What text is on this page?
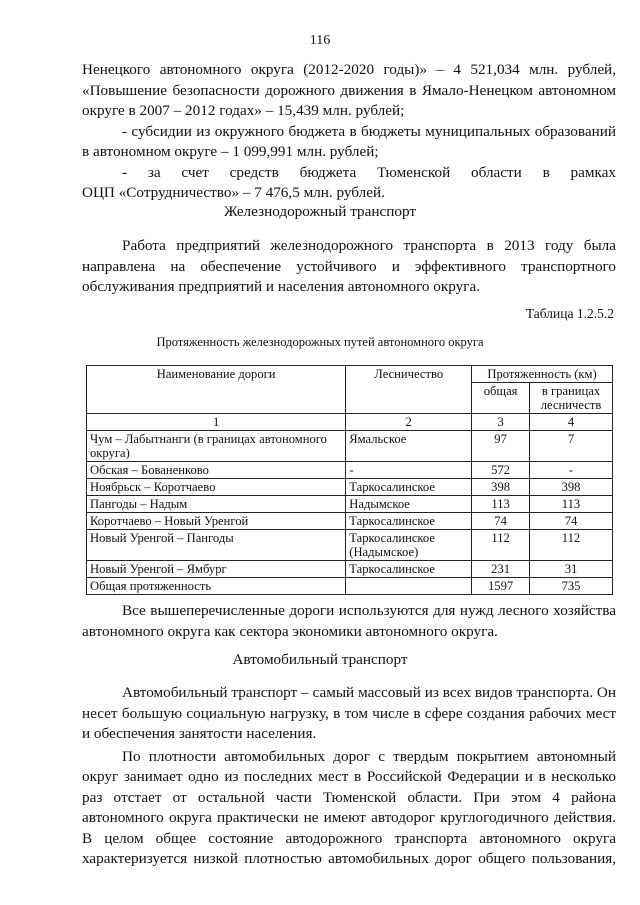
116

Ненецкого автономного округа (2012-2020 годы)» – 4 521,034 млн. рублей,

«Повышение безопасности дорожного движения в Ямало-Ненецком автономном

округе в 2007 – 2012 годах» – 15,439 млн. рублей;

- субсидии из окружного бюджета в бюджеты муниципальных образований

в автономном округе – 1 099,991 млн. рублей;

- за счет средств бюджета Тюменской области в рамках

ОЦП «Сотрудничество» – 7 476,5 млн. рублей.

Железнодорожный транспорт

Работа предприятий железнодорожного транспорта в 2013 году была направлена на обеспечение устойчивого и эффективного транспортного обслуживания предприятий и населения автономного округа.

Таблица 1.2.5.2
Протяженность железнодорожных путей автономного округа
Наименование дороги	Лесничество	Протяженность (км)	
		общая	в границах лесничеств
1	2	3	4
Чум – Лабытнанги (в границах автономного округа)	Ямальское	97	7
Обская – Бованенково	-	572	-
Ноябрьск – Коротчаево	Таркосалинское	398	398
Пангоды – Надым	Надымское	113	113
Коротчаево – Новый Уренгой	Таркосалинское	74	74
Новый Уренгой – Пангоды	Таркосалинское (Надымское)	112	112
Новый Уренгой – Ямбург	Таркосалинское	231	31
Общая протяженность		1597	735

Все вышеперечисленные дороги используются для нужд лесного хозяйства автономного округа как сектора экономики автономного округа.

Автомобильный транспорт

Автомобильный транспорт – самый массовый из всех видов транспорта. Он несет большую социальную нагрузку, в том числе в сфере создания рабочих мест и обеспечения занятости населения.

По плотности автомобильных дорог с твердым покрытием автономный округ занимает одно из последних мест в Российской Федерации и в несколько раз отстает от остальной части Тюменской области. При этом 4 района автономного округа практически не имеют автодорог круглогодичного действия. В целом общее состояние автодорожного транспорта автономного округа характеризуется низкой плотностью автомобильных дорог общего пользования,
